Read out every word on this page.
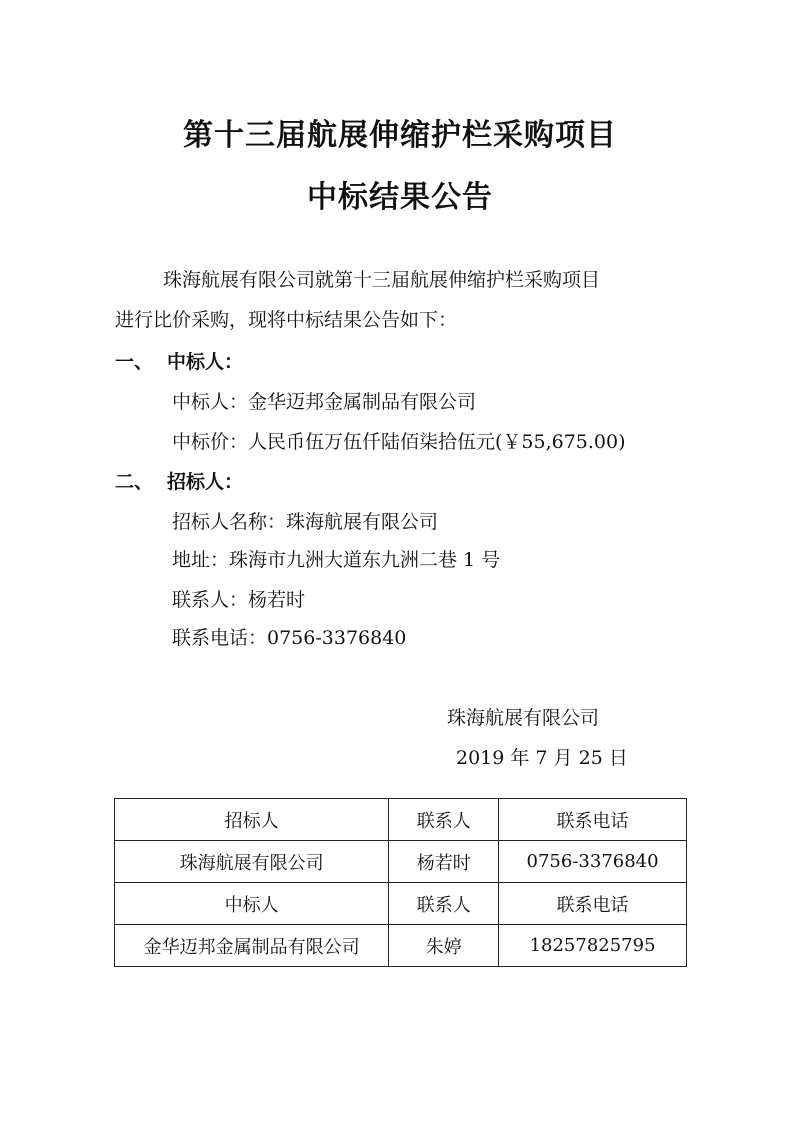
第十三届航展伸缩护栏采购项目
中标结果公告

珠海航展有限公司就第十三届航展伸缩护栏采购项目

进行比价采购，现将中标结果公告如下：

一、 中标人：

中标人：金华迈邦金属制品有限公司

中标价：人民币伍万伍仟陆佰柒拾伍元(￥55,675.00)

二、 招标人：

招标人名称：珠海航展有限公司

地址：珠海市九洲大道东九洲二巷 1 号

联系人：杨若时

联系电话：0756-3376840

珠海航展有限公司

2019 年 7 月 25 日

招标人	联系人	联系电话
珠海航展有限公司	杨若时	0756-3376840
中标人	联系人	联系电话
金华迈邦金属制品有限公司	朱婷	18257825795
